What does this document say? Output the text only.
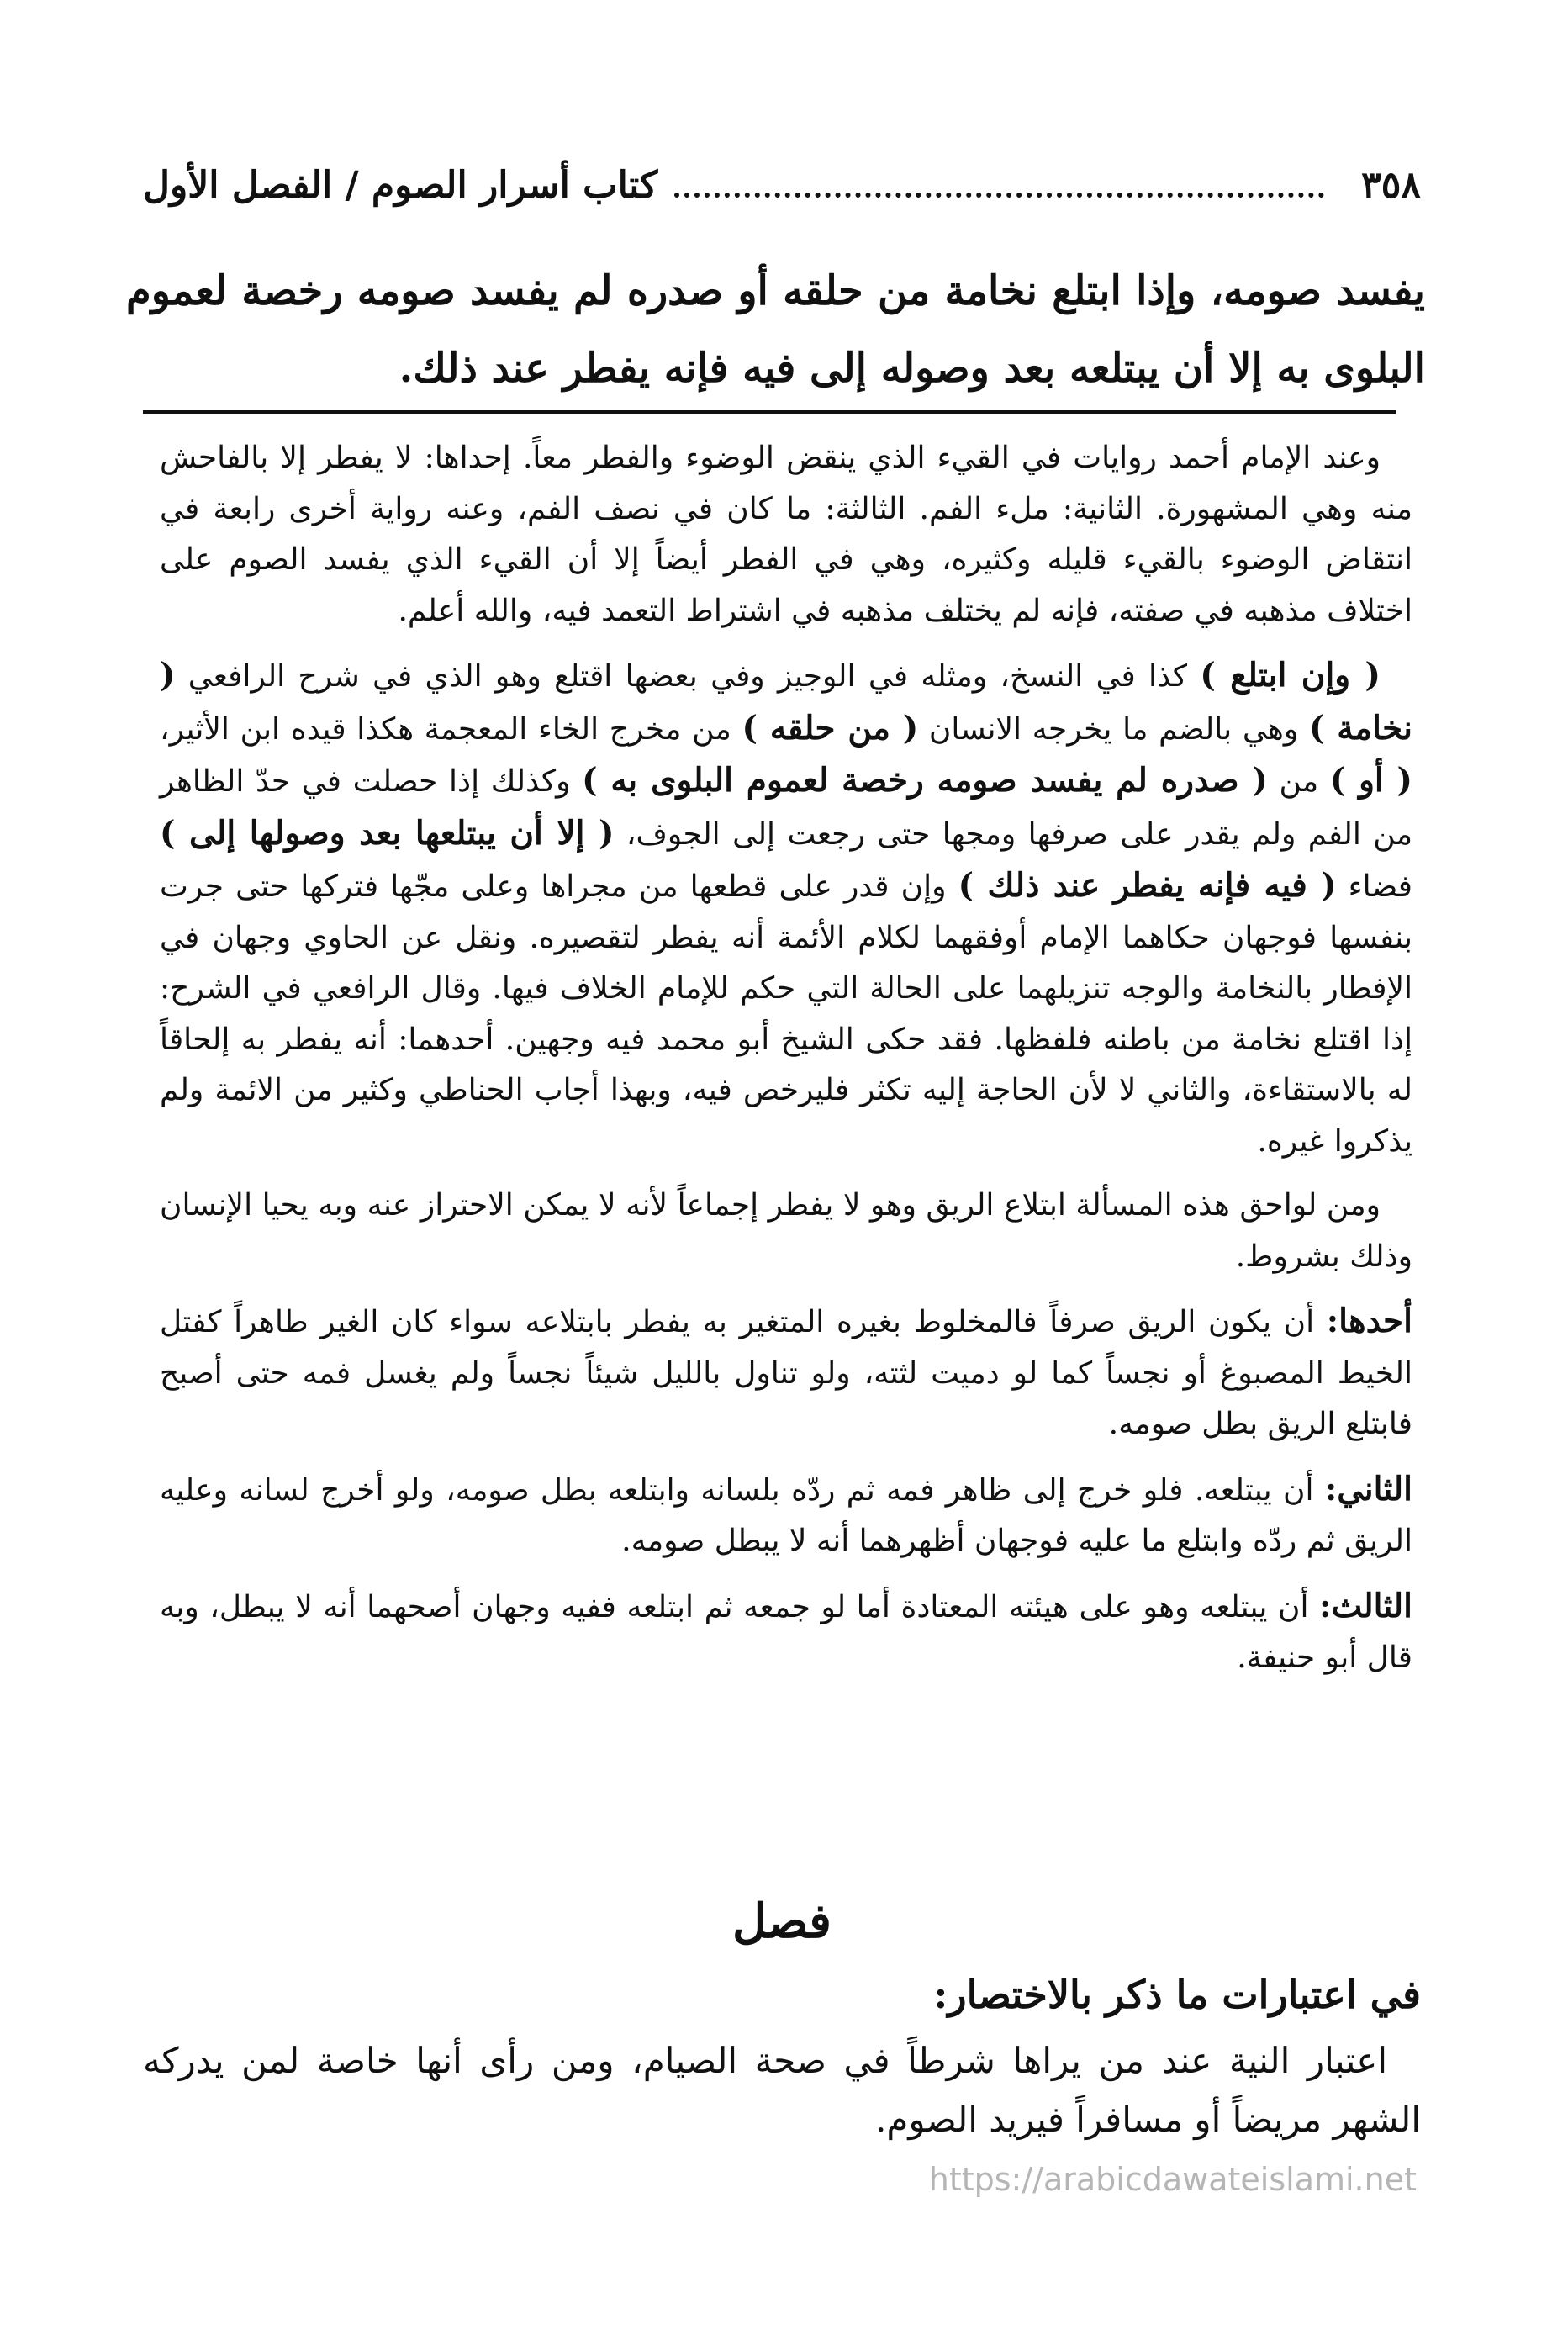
٣٥٨
كتاب أسرار الصوم / الفصل الأول

يفسد صومه، وإذا ابتلع نخامة من حلقه أو صدره لم يفسد صومه رخصة لعموم البلوى به إلا أن يبتلعه بعد وصوله إلى فيه فإنه يفطر عند ذلك.

وعند الإمام أحمد روايات في القيء الذي ينقض الوضوء والفطر معاً. إحداها: لا يفطر إلا بالفاحش منه وهي المشهورة. الثانية: ملء الفم. الثالثة: ما كان في نصف الفم، وعنه رواية أخرى رابعة في انتقاض الوضوء بالقيء قليله وكثيره، وهي في الفطر أيضاً إلا أن القيء الذي يفسد الصوم على اختلاف مذهبه في صفته، فإنه لم يختلف مذهبه في اشتراط التعمد فيه، والله أعلم.

( وإن ابتلع ) كذا في النسخ، ومثله في الوجيز وفي بعضها اقتلع وهو الذي في شرح الرافعي ( نخامة ) وهي بالضم ما يخرجه الانسان ( من حلقه ) من مخرج الخاء المعجمة هكذا قيده ابن الأثير، ( أو ) من ( صدره لم يفسد صومه رخصة لعموم البلوى به ) وكذلك إذا حصلت في حدّ الظاهر من الفم ولم يقدر على صرفها ومجها حتى رجعت إلى الجوف، ( إلا أن يبتلعها بعد وصولها إلى ) فضاء ( فيه فإنه يفطر عند ذلك ) وإن قدر على قطعها من مجراها وعلى مجّها فتركها حتى جرت بنفسها فوجهان حكاهما الإمام أوفقهما لكلام الأئمة أنه يفطر لتقصيره. ونقل عن الحاوي وجهان في الإفطار بالنخامة والوجه تنزيلهما على الحالة التي حكم للإمام الخلاف فيها. وقال الرافعي في الشرح: إذا اقتلع نخامة من باطنه فلفظها. فقد حكى الشيخ أبو محمد فيه وجهين. أحدهما: أنه يفطر به إلحاقاً له بالاستقاءة، والثاني لا لأن الحاجة إليه تكثر فليرخص فيه، وبهذا أجاب الحناطي وكثير من الائمة ولم يذكروا غيره.

ومن لواحق هذه المسألة ابتلاع الريق وهو لا يفطر إجماعاً لأنه لا يمكن الاحتراز عنه وبه يحيا الإنسان وذلك بشروط.

أحدها: أن يكون الريق صرفاً فالمخلوط بغيره المتغير به يفطر بابتلاعه سواء كان الغير طاهراً كفتل الخيط المصبوغ أو نجساً كما لو دميت لثته، ولو تناول بالليل شيئاً نجساً ولم يغسل فمه حتى أصبح فابتلع الريق بطل صومه.

الثاني: أن يبتلعه. فلو خرج إلى ظاهر فمه ثم ردّه بلسانه وابتلعه بطل صومه، ولو أخرج لسانه وعليه الريق ثم ردّه وابتلع ما عليه فوجهان أظهرهما أنه لا يبطل صومه.

الثالث: أن يبتلعه وهو على هيئته المعتادة أما لو جمعه ثم ابتلعه ففيه وجهان أصحهما أنه لا يبطل، وبه قال أبو حنيفة.

فصل
في اعتبارات ما ذكر بالاختصار:

اعتبار النية عند من يراها شرطاً في صحة الصيام، ومن رأى أنها خاصة لمن يدركه الشهر مريضاً أو مسافراً فيريد الصوم.

https://arabicdawateislami.net
